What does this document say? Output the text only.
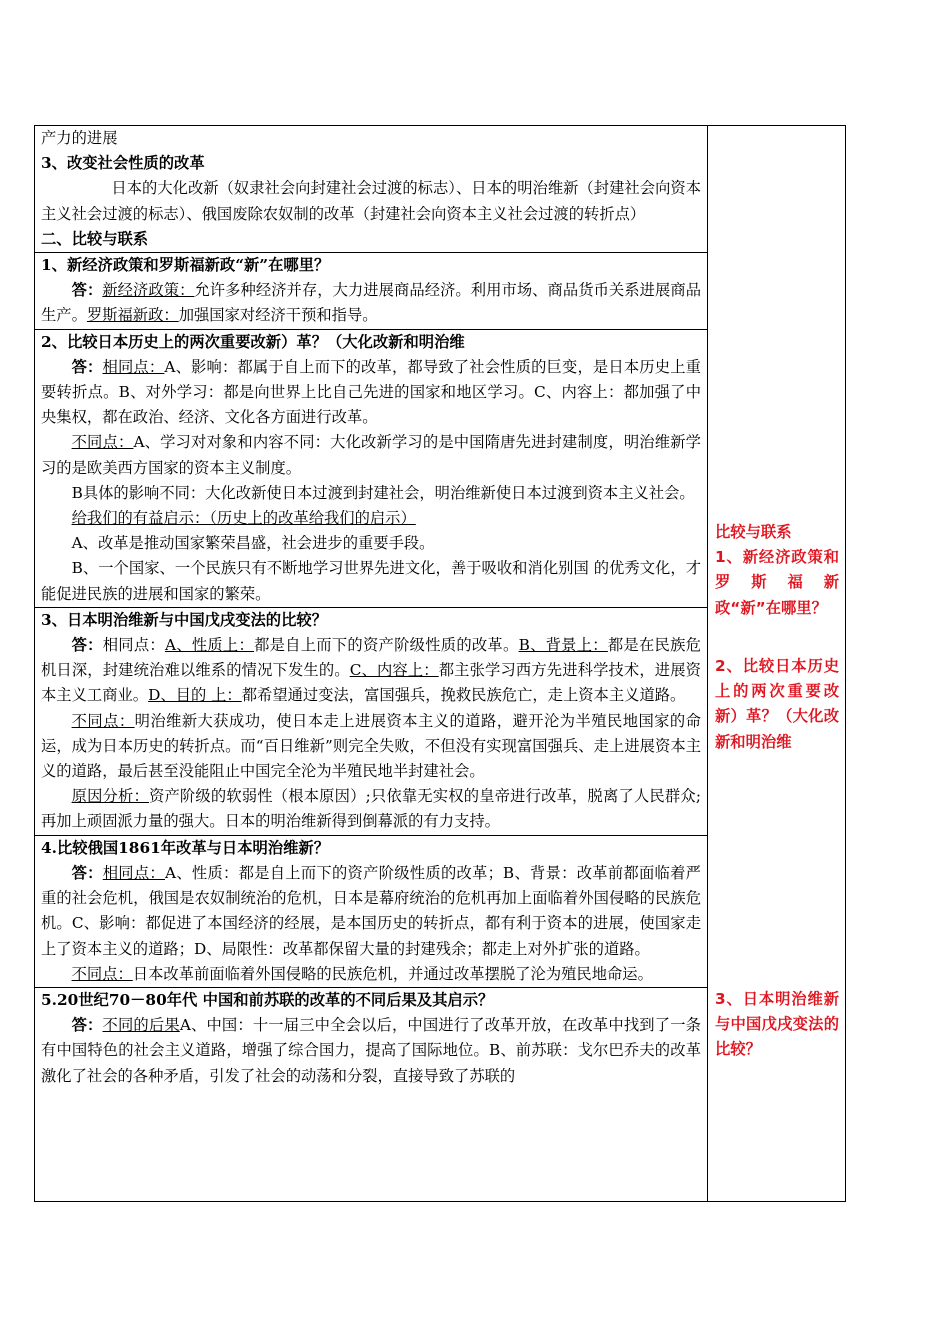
产力的进展

3、改变社会性质的改革

日本的大化改新（奴隶社会向封建社会过渡的标志）、日本的明治维新（封建社会向资本主义社会过渡的标志）、俄国废除农奴制的改革（封建社会向资本主义社会过渡的转折点）

二、比较与联系

1、新经济政策和罗斯福新政“新”在哪里？

答：新经济政策：允许多种经济并存，大力进展商品经济。利用市场、商品货币关系进展商品生产。罗斯福新政：加强国家对经济干预和指导。

2、比较日本历史上的两次重要改新）革？（大化改新和明治维

答：相同点：A、影响：都属于自上而下的改革，都导致了社会性质的巨变，是日本历史上重要转折点。B、对外学习：都是向世界上比自己先进的国家和地区学习。C、内容上：都加强了中央集权，都在政治、经济、文化各方面进行改革。

不同点：A、学习对对象和内容不同：大化改新学习的是中国隋唐先进封建制度，明治维新学习的是欧美西方国家的资本主义制度。

B具体的影响不同：大化改新使日本过渡到封建社会，明治维新使日本过渡到资本主义社会。

给我们的有益启示：（历史上的改革给我们的启示）

A、改革是推动国家繁荣昌盛，社会进步的重要手段。

B、一个国家、一个民族只有不断地学习世界先进文化，善于吸收和消化别国 的优秀文化，才能促进民族的进展和国家的繁荣。

3、日本明治维新与中国戊戌变法的比较？

答：相同点：A、性质上：都是自上而下的资产阶级性质的改革。B、背景上：都是在民族危机日深，封建统治难以维系的情况下发生的。C、内容上：都主张学习西方先进科学技术，进展资本主义工商业。D、目的 上：都希望通过变法，富国强兵，挽救民族危亡，走上资本主义道路。

不同点：明治维新大获成功，使日本走上进展资本主义的道路，避开沦为半殖民地国家的命运，成为日本历史的转折点。而“百日维新”则完全失败，不但没有实现富国强兵、走上进展资本主义的道路，最后甚至没能阻止中国完全沦为半殖民地半封建社会。

原因分析：资产阶级的软弱性（根本原因）;只依靠无实权的皇帝进行改革，脱离了人民群众;再加上顽固派力量的强大。日本的明治维新得到倒幕派的有力支持。

4.比较俄国1861年改革与日本明治维新？

答：相同点：A、性质：都是自上而下的资产阶级性质的改革；B、背景：改革前都面临着严重的社会危机，俄国是农奴制统治的危机，日本是幕府统治的危机再加上面临着外国侵略的民族危机。C、影响：都促进了本国经济的经展，是本国历史的转折点，都有利于资本的进展，使国家走上了资本主义的道路；D、局限性：改革都保留大量的封建残余；都走上对外扩张的道路。

不同点：日本改革前面临着外国侵略的民族危机，并通过改革摆脱了沦为殖民地命运。

5.20世纪70－80年代 中国和前苏联的改革的不同后果及其启示？

答：不同的后果A、中国：十一届三中全会以后，中国进行了改革开放，在改革中找到了一条有中国特色的社会主义道路，增强了综合国力，提高了国际地位。B、前苏联：戈尔巴乔夫的改革激化了社会的各种矛盾，引发了社会的动荡和分裂，直接导致了苏联的

比较与联系

1、新经济政策和罗斯福新政“新”在哪里？

2、比较日本历史上的两次重要改新）革？（大化改新和明治维

3、日本明治维新与中国戊戌变法的比较？
